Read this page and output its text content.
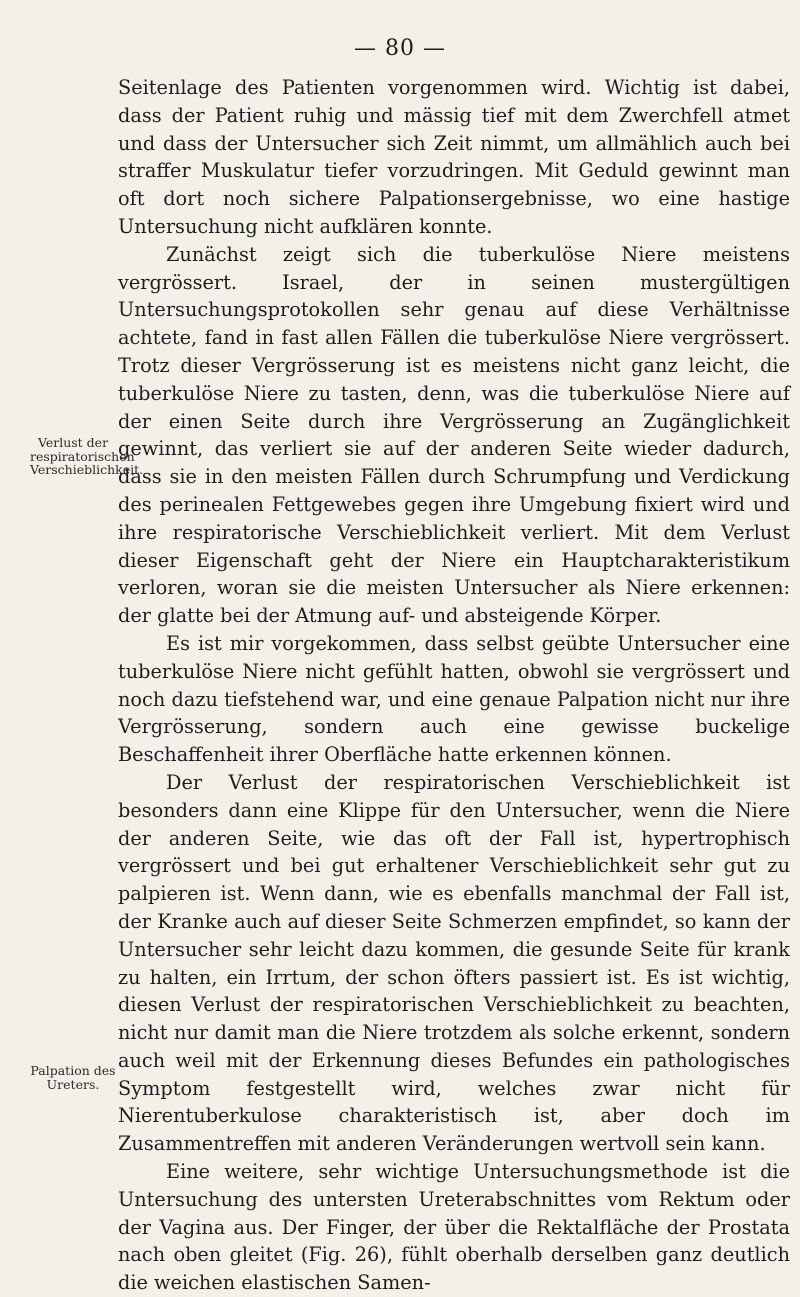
— 80 —
Verlust der respiratorischen Verschieblichkeit.
Palpation des Ureters.

Seitenlage des Patienten vorgenommen wird. Wichtig ist dabei, dass der Patient ruhig und mässig tief mit dem Zwerchfell atmet und dass der Untersucher sich Zeit nimmt, um allmählich auch bei straffer Muskulatur tiefer vorzudringen. Mit Geduld gewinnt man oft dort noch sichere Palpationsergebnisse, wo eine hastige Untersuchung nicht aufklären konnte.

Zunächst zeigt sich die tuberkulöse Niere meistens vergrössert. Israel, der in seinen mustergültigen Untersuchungsprotokollen sehr genau auf diese Verhältnisse achtete, fand in fast allen Fällen die tuberkulöse Niere vergrössert. Trotz dieser Vergrösserung ist es meistens nicht ganz leicht, die tuberkulöse Niere zu tasten, denn, was die tuberkulöse Niere auf der einen Seite durch ihre Vergrösserung an Zugänglichkeit gewinnt, das verliert sie auf der anderen Seite wieder dadurch, dass sie in den meisten Fällen durch Schrumpfung und Verdickung des perinealen Fettgewebes gegen ihre Umgebung fixiert wird und ihre respiratorische Verschieblichkeit verliert. Mit dem Verlust dieser Eigenschaft geht der Niere ein Hauptcharakteristikum verloren, woran sie die meisten Untersucher als Niere erkennen: der glatte bei der Atmung auf- und absteigende Körper.

Es ist mir vorgekommen, dass selbst geübte Untersucher eine tuberkulöse Niere nicht gefühlt hatten, obwohl sie vergrössert und noch dazu tiefstehend war, und eine genaue Palpation nicht nur ihre Vergrösserung, sondern auch eine gewisse buckelige Beschaffenheit ihrer Oberfläche hatte erkennen können.

Der Verlust der respiratorischen Verschieblichkeit ist besonders dann eine Klippe für den Untersucher, wenn die Niere der anderen Seite, wie das oft der Fall ist, hypertrophisch vergrössert und bei gut erhaltener Verschieblichkeit sehr gut zu palpieren ist. Wenn dann, wie es ebenfalls manchmal der Fall ist, der Kranke auch auf dieser Seite Schmerzen empfindet, so kann der Untersucher sehr leicht dazu kommen, die gesunde Seite für krank zu halten, ein Irrtum, der schon öfters passiert ist. Es ist wichtig, diesen Verlust der respiratorischen Verschieblichkeit zu beachten, nicht nur damit man die Niere trotzdem als solche erkennt, sondern auch weil mit der Erkennung dieses Befundes ein pathologisches Symptom festgestellt wird, welches zwar nicht für Nierentuberkulose charakteristisch ist, aber doch im Zusammentreffen mit anderen Veränderungen wertvoll sein kann.

Eine weitere, sehr wichtige Untersuchungsmethode ist die Untersuchung des untersten Ureterabschnittes vom Rektum oder der Vagina aus. Der Finger, der über die Rektalfläche der Prostata nach oben gleitet (Fig. 26), fühlt oberhalb derselben ganz deutlich die weichen elastischen Samen-
